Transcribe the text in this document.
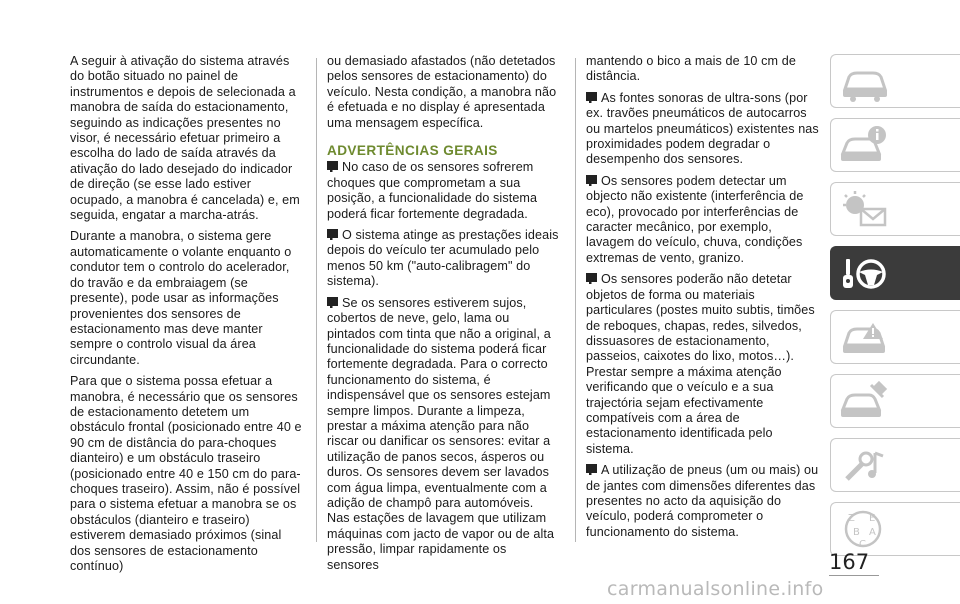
A seguir à ativação do sistema através do botão situado no painel de instrumentos e depois de selecionada a manobra de saída do estacionamento, seguindo as indicações presentes no visor, é necessário efetuar primeiro a escolha do lado de saída através da ativação do lado desejado do indicador de direção (se esse lado estiver ocupado, a manobra é cancelada) e, em seguida, engatar a marcha-atrás.

Durante a manobra, o sistema gere automaticamente o volante enquanto o condutor tem o controlo do acelerador, do travão e da embraiagem (se presente), pode usar as informações provenientes dos sensores de estacionamento mas deve manter sempre o controlo visual da área circundante.

Para que o sistema possa efetuar a manobra, é necessário que os sensores de estacionamento detetem um obstáculo frontal (posicionado entre 40 e 90 cm de distância do para-choques dianteiro) e um obstáculo traseiro (posicionado entre 40 e 150 cm do para-choques traseiro). Assim, não é possível para o sistema efetuar a manobra se os obstáculos (dianteiro e traseiro) estiverem demasiado próximos (sinal dos sensores de estacionamento contínuo)

ou demasiado afastados (não detetados pelos sensores de estacionamento) do veículo. Nesta condição, a manobra não é efetuada e no display é apresentada uma mensagem específica.

ADVERTÊNCIAS GERAIS

No caso de os sensores sofrerem choques que comprometam a sua posição, a funcionalidade do sistema poderá ficar fortemente degradada.

O sistema atinge as prestações ideais depois do veículo ter acumulado pelo menos 50 km ("auto-calibragem" do sistema).

Se os sensores estiverem sujos, cobertos de neve, gelo, lama ou pintados com tinta que não a original, a funcionalidade do sistema poderá ficar fortemente degradada. Para o correcto funcionamento do sistema, é indispensável que os sensores estejam sempre limpos. Durante a limpeza, prestar a máxima atenção para não riscar ou danificar os sensores: evitar a utilização de panos secos, ásperos ou duros. Os sensores devem ser lavados com água limpa, eventualmente com a adição de champô para automóveis. Nas estações de lavagem que utilizam máquinas com jacto de vapor ou de alta pressão, limpar rapidamente os sensores

mantendo o bico a mais de 10 cm de distância.

As fontes sonoras de ultra-sons (por ex. travões pneumáticos de autocarros ou martelos pneumáticos) existentes nas proximidades podem degradar o desempenho dos sensores.

Os sensores podem detectar um objecto não existente (interferência de eco), provocado por interferências de caracter mecânico, por exemplo, lavagem do veículo, chuva, condições extremas de vento, granizo.

Os sensores poderão não detetar objetos de forma ou materiais particulares (postes muito subtis, timões de reboques, chapas, redes, silvedos, dissuasores de estacionamento, passeios, caixotes do lixo, motos…). Prestar sempre a máxima atenção verificando que o veículo e a sua trajectória sejam efectivamente compatíveis com a área de estacionamento identificada pelo sistema.

A utilização de pneus (um ou mais) ou de jantes com dimensões diferentes das presentes no acto da aquisição do veículo, poderá comprometer o funcionamento do sistema.

Z E
B A
C
167
carmanualsonline.info
